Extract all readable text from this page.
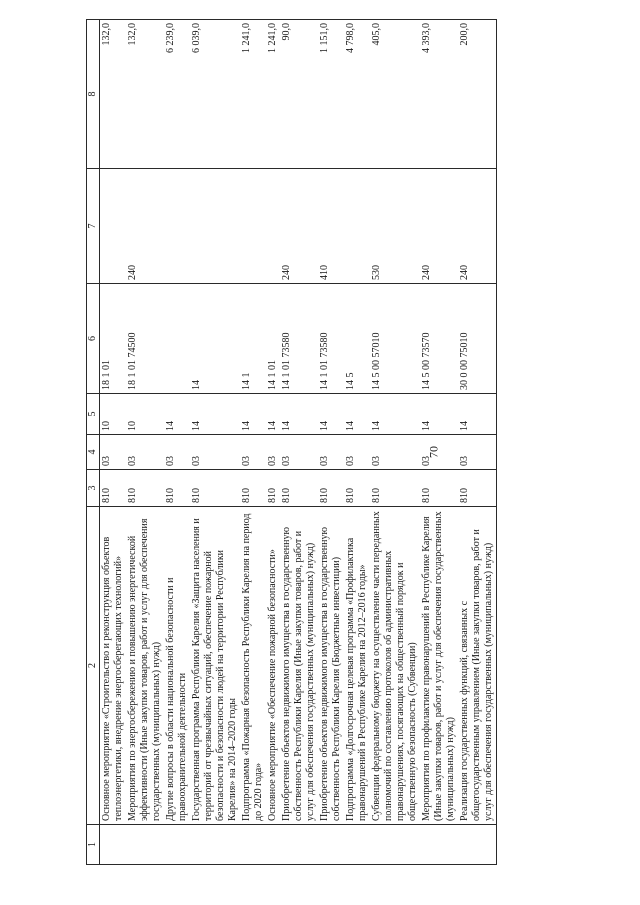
70
1	2	3	4	5	6	7	8
	Основное мероприятие «Строительство и реконструкция объектов теплоэнергетики, внедрение энергосберегающих технологий»	810	03	10	18 1 01		132,0
	Мероприятия по энергосбережению и повышению энергетической эффективности (Иные закупки товаров, работ и услуг для обеспечения государственных (муниципальных) нужд)	810	03	10	18 1 01 74500	240	132,0
	Другие вопросы в области национальной безопасности и правоохранительной деятельности	810	03	14			6 239,0
	Государственная программа Республики Карелия «Защита населения и территорий от чрезвычайных ситуаций, обеспечение пожарной безопасности и безопасности людей на территории Республики Карелия» на 2014–2020 годы	810	03	14	14		6 039,0
	Подпрограмма «Пожарная безопасность Республики Карелия на период до 2020 года»	810	03	14	14 1		1 241,0
	Основное мероприятие «Обеспечение пожарной безопасности»	810	03	14	14 1 01		1 241,0
	Приобретение объектов недвижимого имущества в государственную собственность Республики Карелия (Иные закупки товаров, работ и услуг для обеспечения государственных (муниципальных) нужд)	810	03	14	14 1 01 73580	240	90,0
	Приобретение объектов недвижимого имущества в государственную собственность Республики Карелия (Бюджетные инвестиции)	810	03	14	14 1 01 73580	410	1 151,0
	Подпрограмма «Долгосрочная целевая программа «Профилактика правонарушений в Республике Карелия на 2012–2016 годы»	810	03	14	14 5		4 798,0
	Субвенции федеральному бюджету на осуществление части переданных полномочий по составлению протоколов об административных правонарушениях, посягающих на общественный порядок и общественную безопасность (Субвенции)	810	03	14	14 5 00 57010	530	405,0
	Мероприятия по профилактике правонарушений в Республике Карелия (Иные закупки товаров, работ и услуг для обеспечения государственных (муниципальных) нужд)	810	03	14	14 5 00 73570	240	4 393,0
	Реализация государственных функций, связанных с общегосударственным управлением (Иные закупки товаров, работ и услуг для обеспечения государственных (муниципальных) нужд)	810	03	14	30 0 00 75010	240	200,0
